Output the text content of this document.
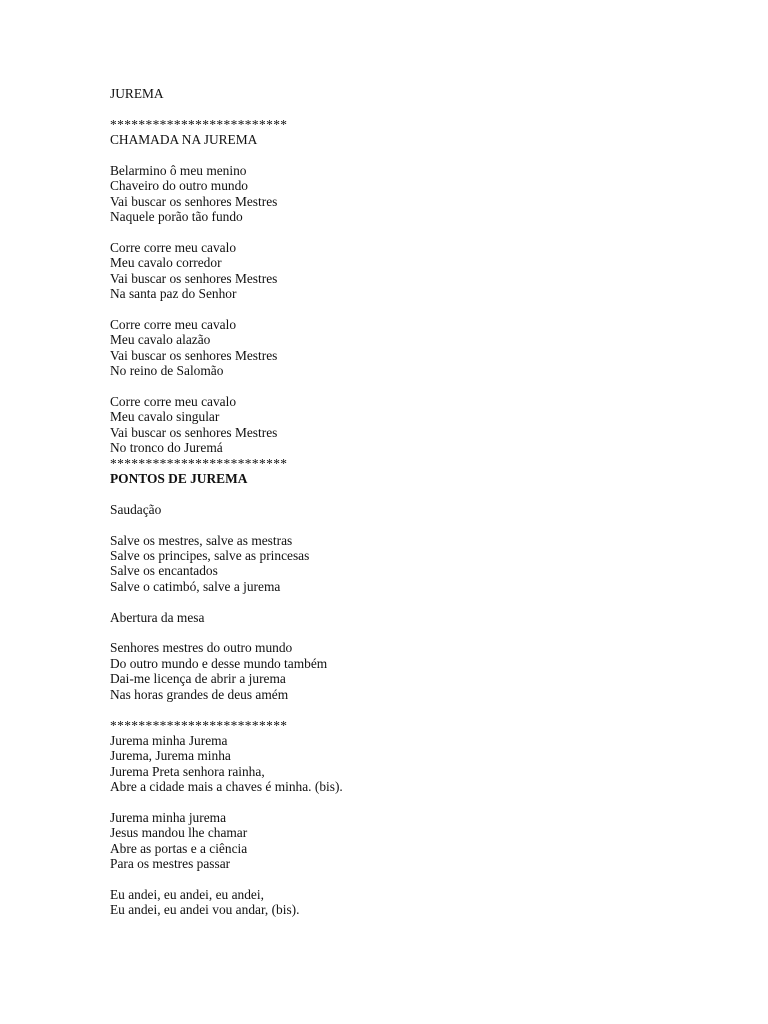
JUREMA
*************************
CHAMADA NA JUREMA
Belarmino ô meu menino
Chaveiro do outro mundo
Vai buscar os senhores Mestres
Naquele porão tão fundo
Corre corre meu cavalo
Meu cavalo corredor
Vai buscar os senhores Mestres
Na santa paz do Senhor
Corre corre meu cavalo
Meu cavalo alazão
Vai buscar os senhores Mestres
No reino de Salomão
Corre corre meu cavalo
Meu cavalo singular
Vai buscar os senhores Mestres
No tronco do Juremá
*************************
PONTOS DE JUREMA
Saudação
Salve os mestres, salve as mestras
Salve os principes, salve as princesas
Salve os encantados
Salve o catimbó, salve a jurema
Abertura da mesa
Senhores mestres do outro mundo
Do outro mundo e desse mundo também
Dai-me licença de abrir a jurema
Nas horas grandes de deus amém
*************************
Jurema minha Jurema
Jurema, Jurema minha
Jurema Preta senhora rainha,
Abre a cidade mais a chaves é minha. (bis).
Jurema minha jurema
Jesus mandou lhe chamar
Abre as portas e a ciência
Para os mestres passar
Eu andei, eu andei, eu andei,
Eu andei, eu andei vou andar, (bis).
